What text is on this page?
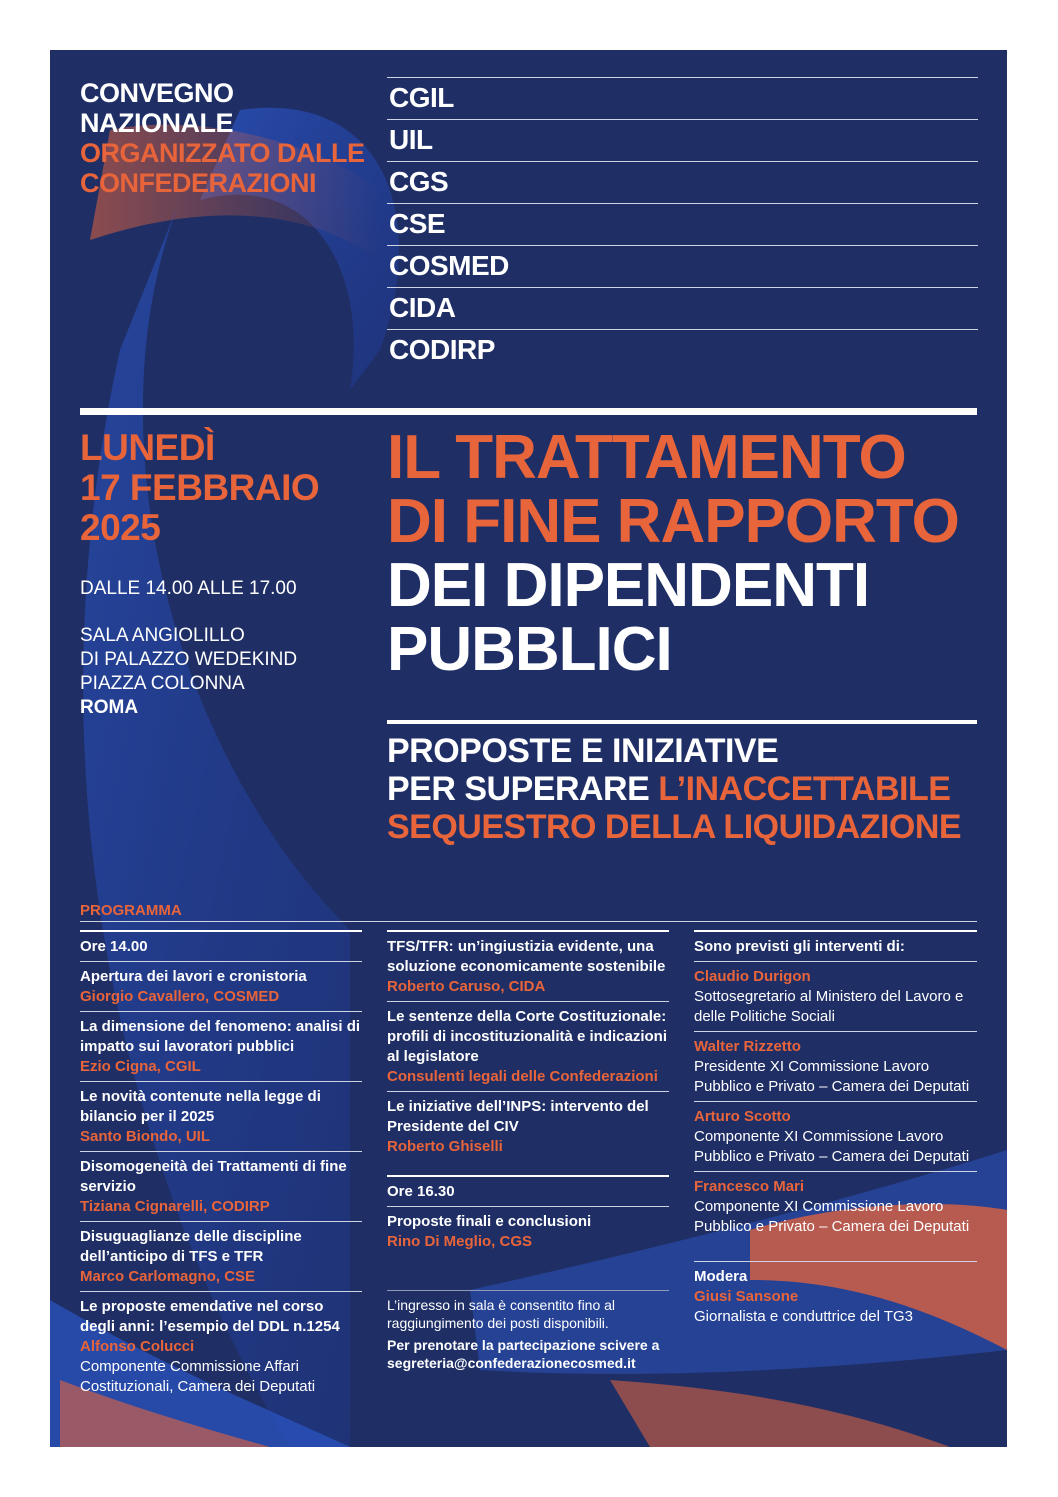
CONVEGNO
NAZIONALE
ORGANIZZATO DALLE
CONFEDERAZIONI
CGIL
UIL
CGS
CSE
COSMED
CIDA
CODIRP
LUNEDÌ
17 FEBBRAIO
2025
DALLE 14.00 ALLE 17.00
SALA ANGIOLILLO
DI PALAZZO WEDEKIND
PIAZZA COLONNA
ROMA
IL TRATTAMENTO
DI FINE RAPPORTO
DEI DIPENDENTI
PUBBLICI
PROPOSTE E INIZIATIVE
PER SUPERARE L’INACCETTABILE
SEQUESTRO DELLA LIQUIDAZIONE
PROGRAMMA
Ore 14.00
Apertura dei lavori e cronistoria
Giorgio Cavallero, COSMED
La dimensione del fenomeno: analisi di impatto sui lavoratori pubblici
Ezio Cigna, CGIL
Le novità contenute nella legge di bilancio per il 2025
Santo Biondo, UIL
Disomogeneità dei Trattamenti di fine servizio
Tiziana Cignarelli, CODIRP
Disuguaglianze delle discipline dell’anticipo di TFS e TFR
Marco Carlomagno, CSE
Le proposte emendative nel corso degli anni: l’esempio del DDL n.1254
Alfonso Colucci
Componente Commissione Affari Costituzionali, Camera dei Deputati
TFS/TFR: un’ingiustizia evidente, una soluzione economicamente sostenibile
Roberto Caruso, CIDA
Le sentenze della Corte Costituzionale: profili di incostituzionalità e indicazioni al legislatore
Consulenti legali delle Confederazioni
Le iniziative dell’INPS: intervento del Presidente del CIV
Roberto Ghiselli
Ore 16.30
Proposte finali e conclusioni
Rino Di Meglio, CGS
L’ingresso in sala è consentito fino al raggiungimento dei posti disponibili.
Per prenotare la partecipazione scivere a segreteria@confederazionecosmed.it
Sono previsti gli interventi di:
Claudio Durigon
Sottosegretario al Ministero del Lavoro e delle Politiche Sociali
Walter Rizzetto
Presidente XI Commissione Lavoro Pubblico e Privato – Camera dei Deputati
Arturo Scotto
Componente XI Commissione Lavoro Pubblico e Privato – Camera dei Deputati
Francesco Mari
Componente XI Commissione Lavoro Pubblico e Privato – Camera dei Deputati
Modera
Giusi Sansone
Giornalista e conduttrice del TG3
